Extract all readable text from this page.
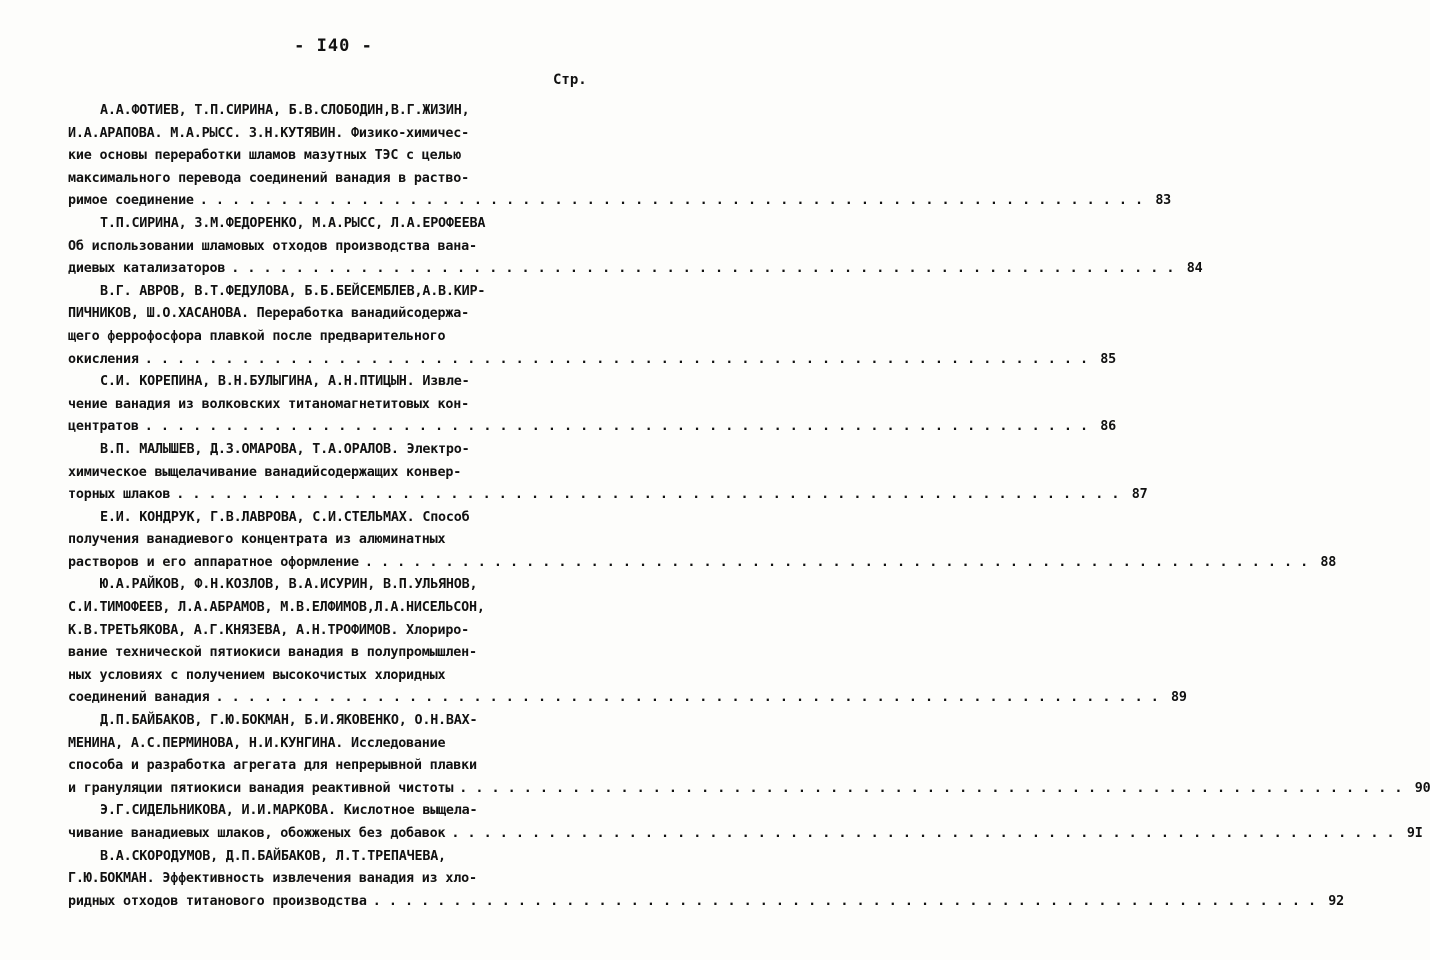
- I40 -
Стр.
А.А.ФОТИЕВ, Т.П.СИРИНА, Б.В.СЛОБОДИН,В.Г.ЖИЗИН,
И.А.АРАПОВА. М.А.РЫСС. З.Н.КУТЯВИН. Физико-химичес-
кие основы переработки шламов мазутных ТЭС с целью
максимального перевода соединений ванадия в раство-
римое соединение . . . . . . . . . . . . . . . . . . . . . . . . . . . . . . . . . . . . . . . . . . . . . . . . . . . . . . . . . . . 83
Т.П.СИРИНА, З.М.ФЕДОРЕНКО, М.А.РЫСС, Л.А.ЕРОФЕЕВА
Об использовании шламовых отходов производства вана-
диевых катализаторов . . . . . . . . . . . . . . . . . . . . . . . . . . . . . . . . . . . . . . . . . . . . . . . . . . . . . . . . . . . 84
В.Г. АВРОВ, В.Т.ФЕДУЛОВА, Б.Б.БЕЙСЕМБЛЕВ,А.В.КИР-
ПИЧНИКОВ, Ш.О.ХАСАНОВА. Переработка ванадийсодержа-
щего феррофосфора плавкой после предварительного
окисления . . . . . . . . . . . . . . . . . . . . . . . . . . . . . . . . . . . . . . . . . . . . . . . . . . . . . . . . . . . 85
С.И. КОРЕПИНА, В.Н.БУЛЫГИНА, А.Н.ПТИЦЫН. Извле-
чение ванадия из волковских титаномагнетитовых кон-
центратов . . . . . . . . . . . . . . . . . . . . . . . . . . . . . . . . . . . . . . . . . . . . . . . . . . . . . . . . . . . 86
В.П. МАЛЫШЕВ, Д.З.ОМАРОВА, Т.А.ОРАЛОВ. Электро-
химическое выщелачивание ванадийсодержащих конвер-
торных шлаков . . . . . . . . . . . . . . . . . . . . . . . . . . . . . . . . . . . . . . . . . . . . . . . . . . . . . . . . . . . 87
Е.И. КОНДРУК, Г.В.ЛАВРОВА, С.И.СТЕЛЬМАХ. Способ
получения ванадиевого концентрата из алюминатных
растворов и его аппаратное оформление . . . . . . . . . . . . . . . . . . . . . . . . . . . . . . . . . . . . . . . . . . . . . . . . . . . . . . . . . . . 88
Ю.А.РАЙКОВ, Ф.Н.КОЗЛОВ, В.А.ИСУРИН, В.П.УЛЬЯНОВ,
С.И.ТИМОФЕЕВ, Л.А.АБРАМОВ, М.В.ЕЛФИМОВ,Л.А.НИСЕЛЬСОН,
К.В.ТРЕТЬЯКОВА, А.Г.КНЯЗЕВА, А.Н.ТРОФИМОВ. Хлориро-
вание технической пятиокиси ванадия в полупромышлен-
ных условиях с получением высокочистых хлоридных
соединений ванадия . . . . . . . . . . . . . . . . . . . . . . . . . . . . . . . . . . . . . . . . . . . . . . . . . . . . . . . . . . . 89
Д.П.БАЙБАКОВ, Г.Ю.БОКМАН, Б.И.ЯКОВЕНКО, О.Н.ВАХ-
МЕНИНА, А.С.ПЕРМИНОВА, Н.И.КУНГИНА. Исследование
способа и разработка агрегата для непрерывной плавки
и грануляции пятиокиси ванадия реактивной чистоты . . . . . . . . . . . . . . . . . . . . . . . . . . . . . . . . . . . . . . . . . . . . . . . . . . . . . . . . . . . 90
Э.Г.СИДЕЛЬНИКОВА, И.И.МАРКОВА. Кислотное выщела-
чивание ванадиевых шлаков, обожженых без добавок . . . . . . . . . . . . . . . . . . . . . . . . . . . . . . . . . . . . . . . . . . . . . . . . . . . . . . . . . . . 9I
В.А.СКОРОДУМОВ, Д.П.БАЙБАКОВ, Л.Т.ТРЕПАЧЕВА,
Г.Ю.БОКМАН. Эффективность извлечения ванадия из хло-
ридных отходов титанового производства . . . . . . . . . . . . . . . . . . . . . . . . . . . . . . . . . . . . . . . . . . . . . . . . . . . . . . . . . . . 92
